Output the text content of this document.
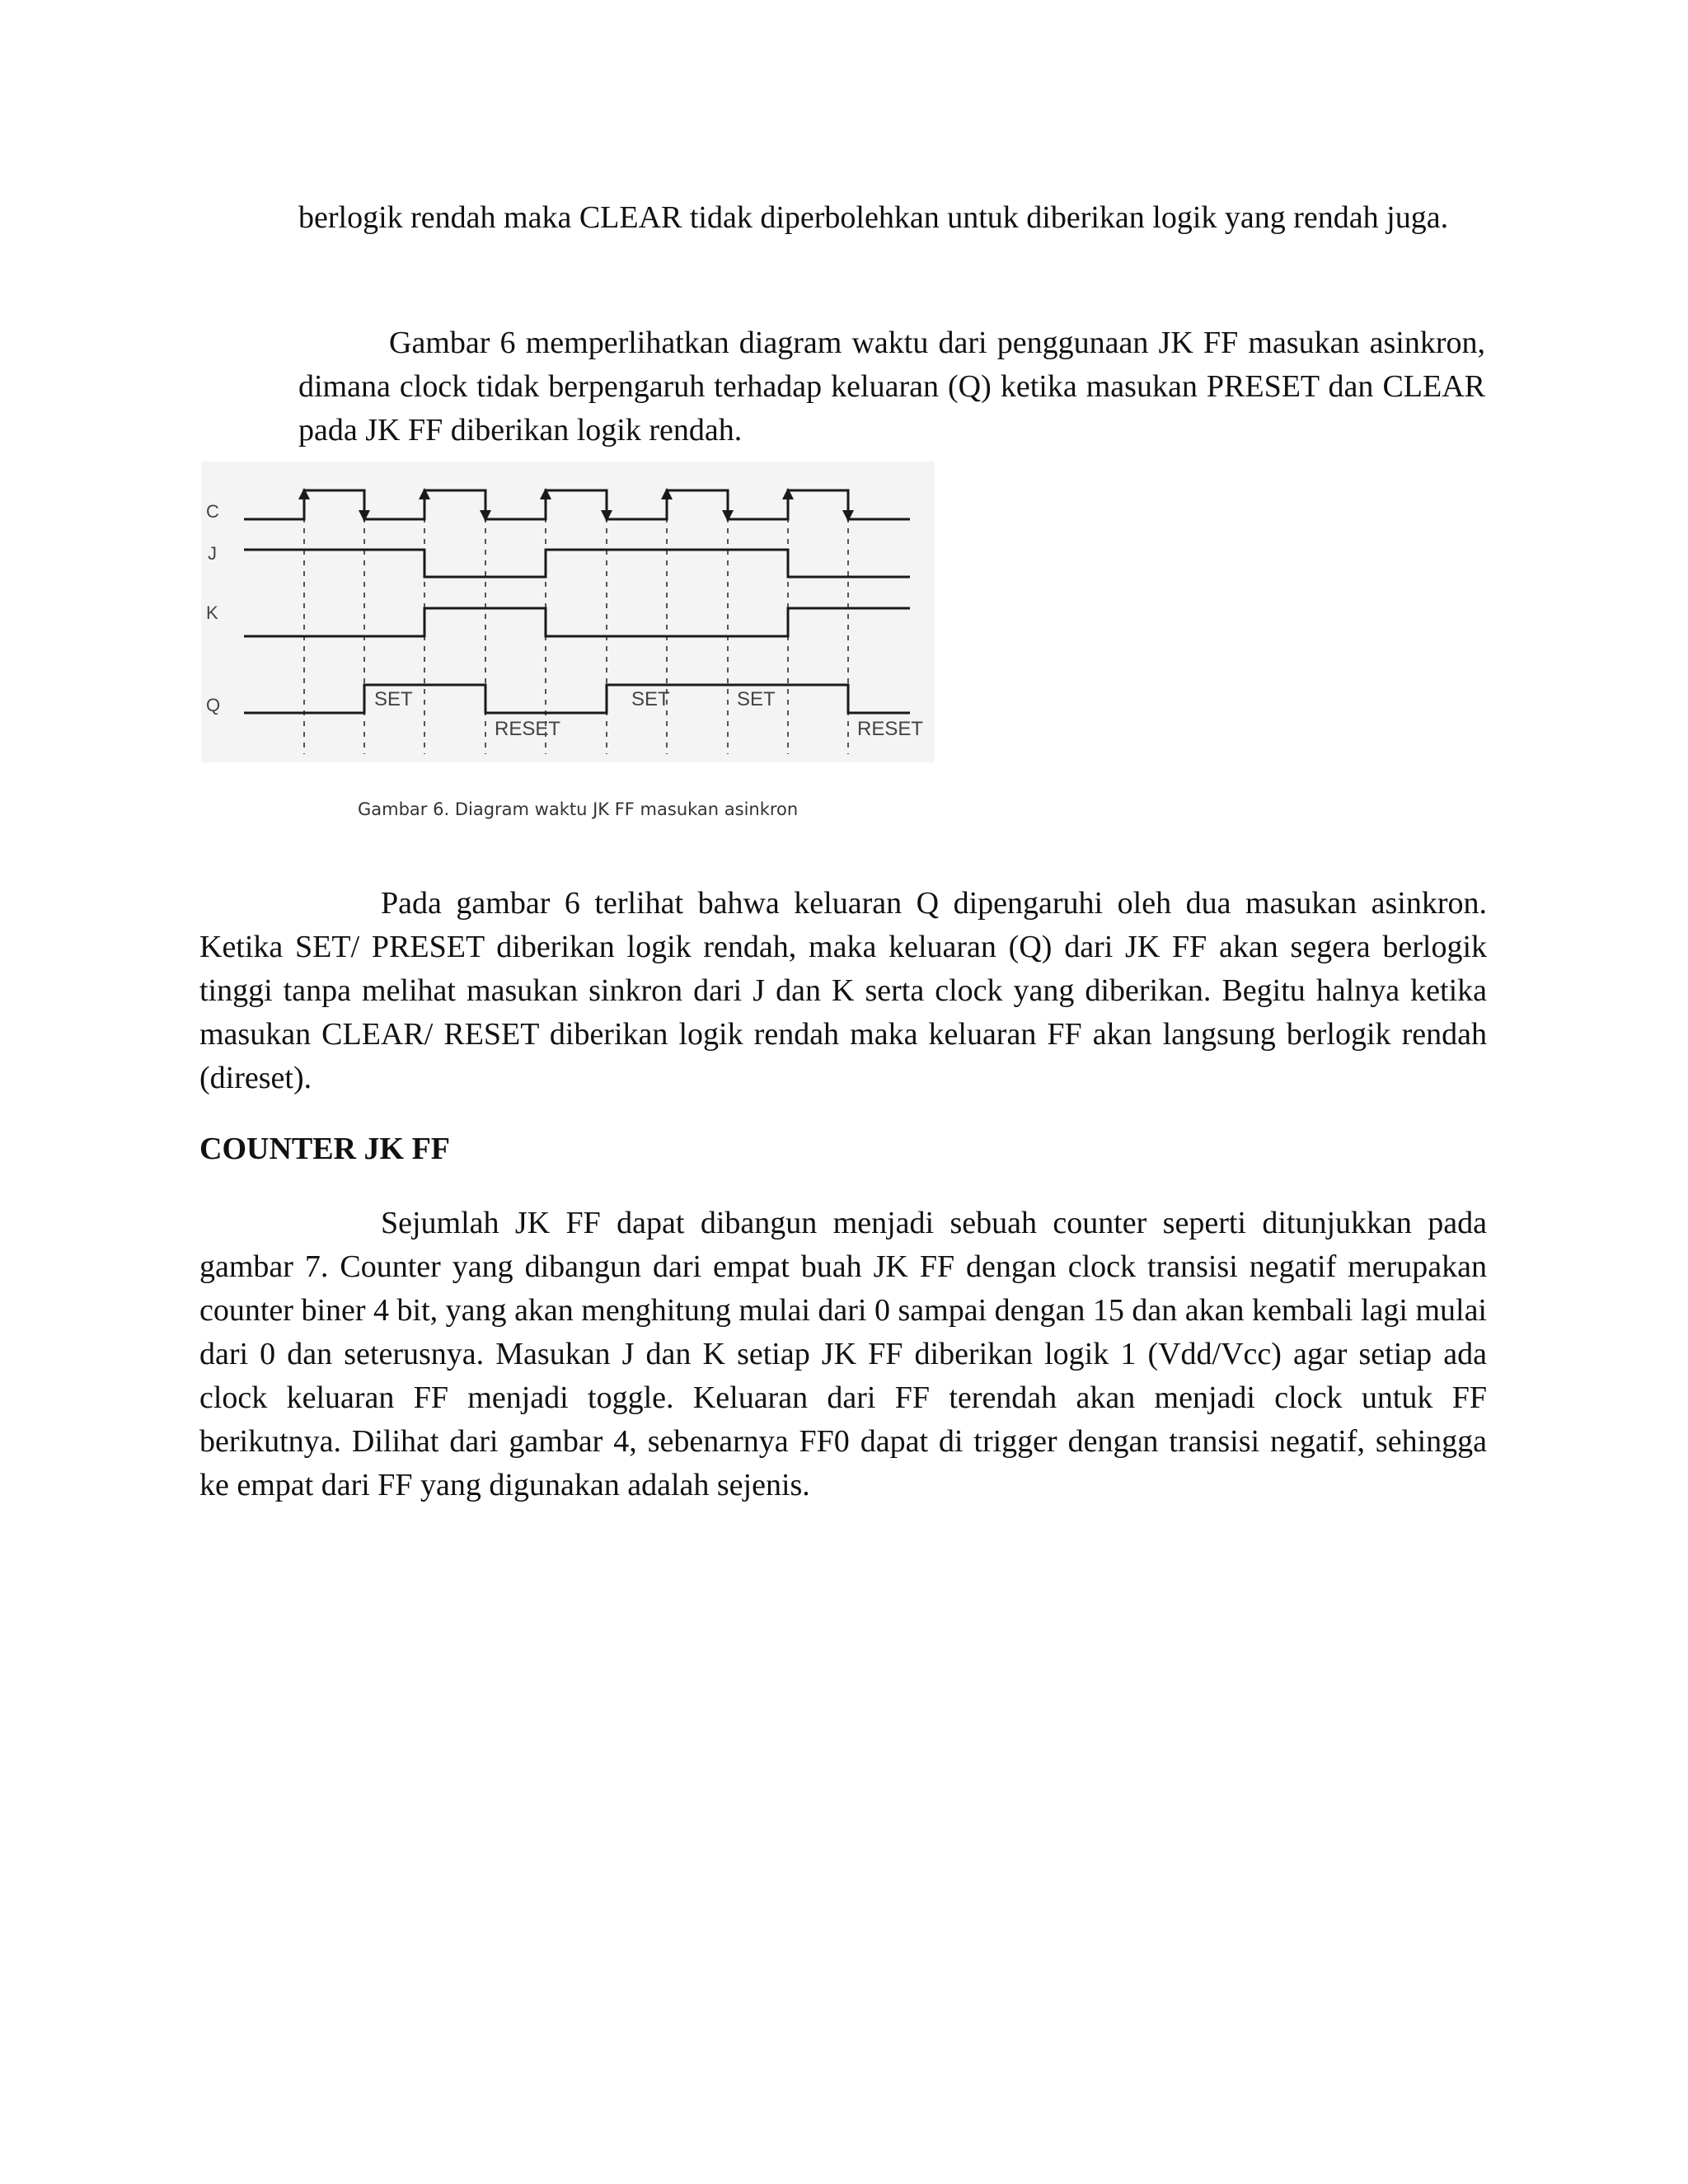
berlogik rendah maka CLEAR tidak diperbolehkan untuk diberikan logik yang rendah juga.

Gambar 6 memperlihatkan diagram waktu dari penggunaan JK FF masukan asinkron, dimana clock tidak berpengaruh terhadap keluaran (Q) ketika masukan PRESET dan CLEAR pada JK FF diberikan logik rendah.

C
J
K
Q	SET
RESET
SET	SET
RESET

Gambar 6. Diagram waktu JK FF masukan asinkron

Pada gambar 6 terlihat bahwa keluaran Q dipengaruhi oleh dua masukan asinkron. Ketika SET/ PRESET diberikan logik rendah, maka keluaran (Q) dari JK FF akan segera berlogik tinggi tanpa melihat masukan sinkron dari J dan K serta clock yang diberikan. Begitu halnya ketika masukan CLEAR/ RESET diberikan logik rendah maka keluaran FF akan langsung berlogik rendah (direset).

COUNTER JK FF

Sejumlah JK FF dapat dibangun menjadi sebuah counter seperti ditunjukkan pada gambar 7. Counter yang dibangun dari empat buah JK FF dengan clock transisi negatif merupakan counter biner 4 bit, yang akan menghitung mulai dari 0 sampai dengan 15 dan akan kembali lagi mulai dari 0 dan seterusnya. Masukan J dan K setiap JK FF diberikan logik 1 (Vdd/Vcc) agar setiap ada clock keluaran FF menjadi toggle. Keluaran dari FF terendah akan menjadi clock untuk FF berikutnya. Dilihat dari gambar 4, sebenarnya FF0 dapat di trigger dengan transisi negatif, sehingga ke empat dari FF yang digunakan adalah sejenis.
